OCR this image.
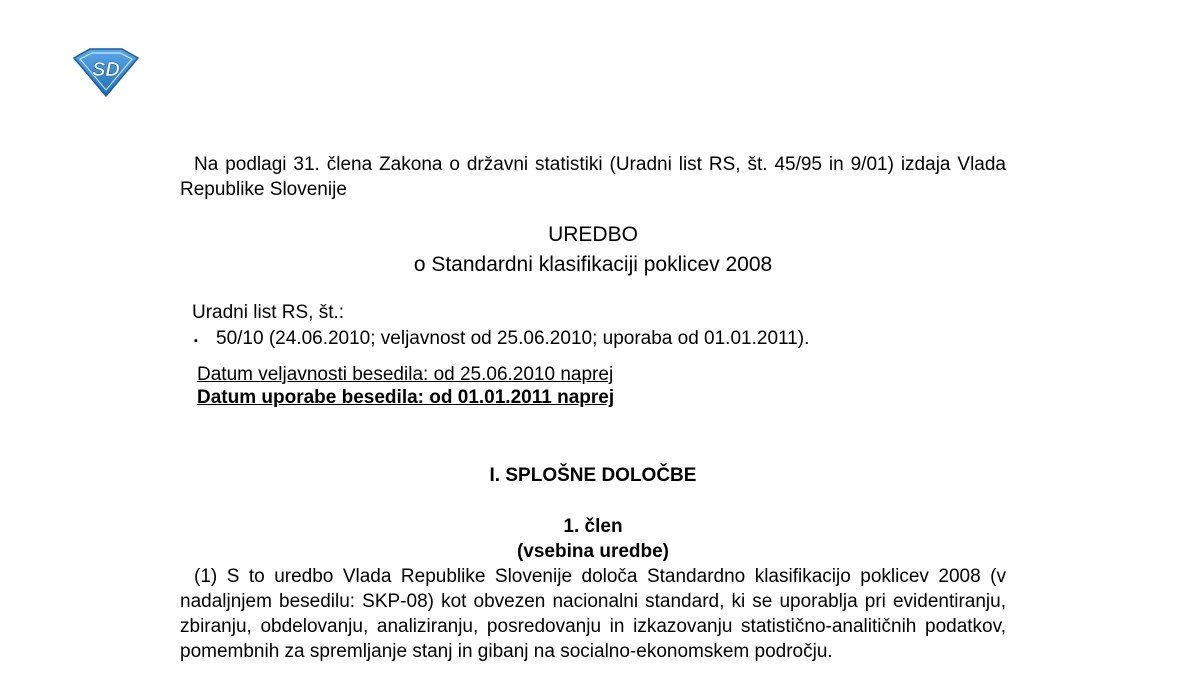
SD

Na podlagi 31. člena Zakona o državni statistiki (Uradni list RS, št. 45/95 in 9/01) izdaja Vlada Republike Slovenije

UREDBO
o Standardni klasifikaciji poklicev 2008
Uradni list RS, št.:
▪ 50/10 (24.06.2010; veljavnost od 25.06.2010; uporaba od 01.01.2011).
Datum veljavnosti besedila: od 25.06.2010 naprej
Datum uporabe besedila: od 01.01.2011 naprej
I. SPLOŠNE DOLOČBE
1. člen
(vsebina uredbe)

(1) S to uredbo Vlada Republike Slovenije določa Standardno klasifikacijo poklicev 2008 (v nadaljnjem besedilu: SKP-08) kot obvezen nacionalni standard, ki se uporablja pri evidentiranju, zbiranju, obdelovanju, analiziranju, posredovanju in izkazovanju statistično-analitičnih podatkov, pomembnih za spremljanje stanj in gibanj na socialno-ekonomskem področju.
